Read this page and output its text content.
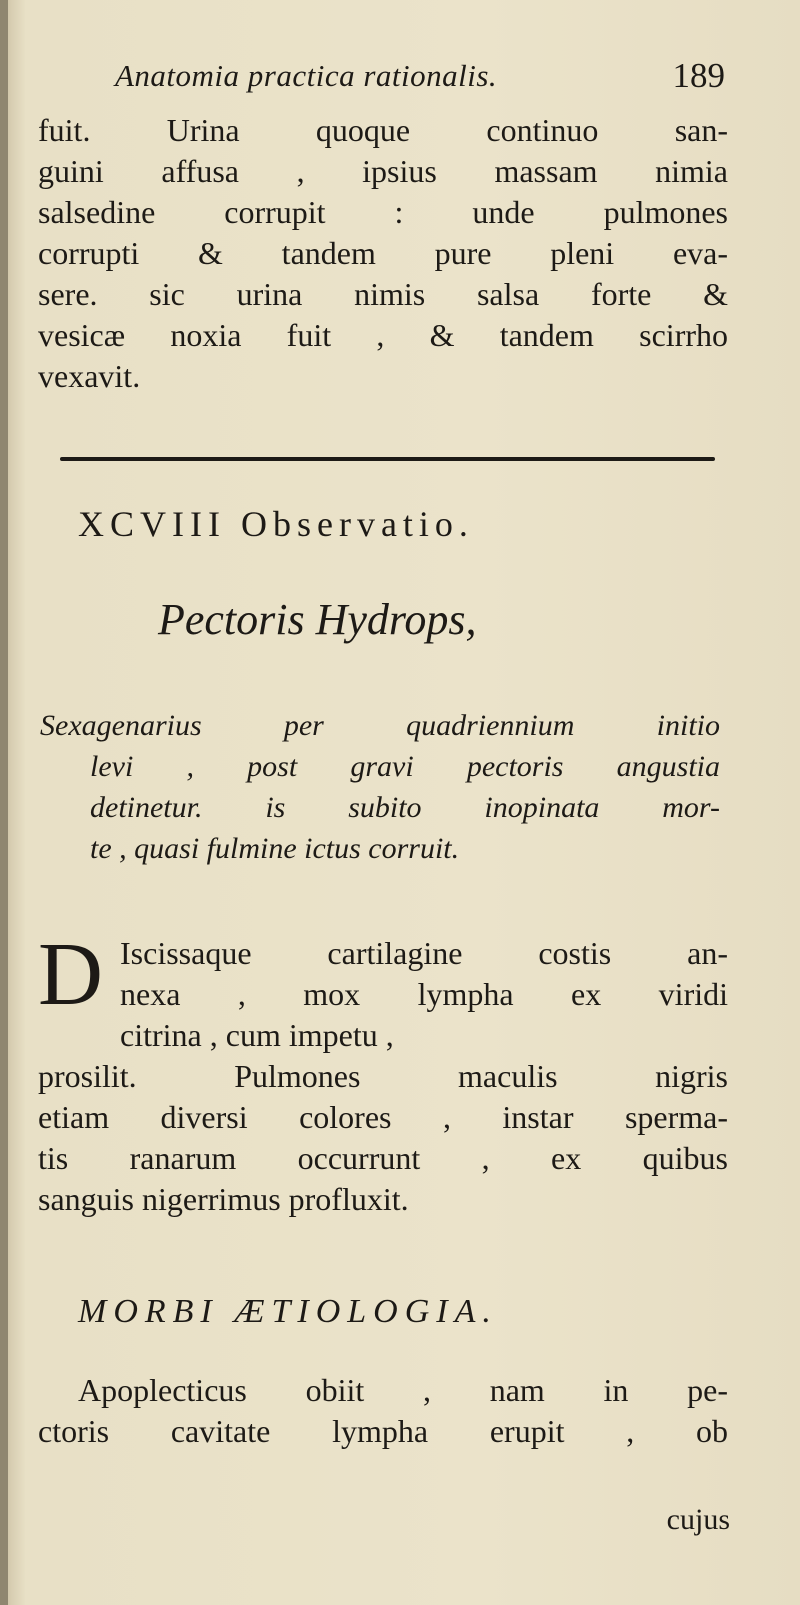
Anatomia practica rationalis.	189
fuit. Urina quoque continuo san-
guini affusa , ipsius massam nimia
salsedine corrupit : unde pulmones
corrupti & tandem pure pleni eva-
sere. sic urina nimis salsa forte &
vesicæ noxia fuit , & tandem scirrho
vexavit.
XCVIII Observatio.
Pectoris Hydrops,
Sexagenarius per quadriennium initio
levi , post gravi pectoris angustia
detinetur. is subito inopinata mor-
te , quasi fulmine ictus corruit.
D Iscissaque cartilagine costis an-
nexa , mox lympha ex viridi
citrina , cum impetu ,
prosilit. Pulmones maculis nigris
etiam diversi colores , instar sperma-
tis ranarum occurrunt , ex quibus
sanguis nigerrimus profluxit.
MORBI ÆTIOLOGIA.
Apoplecticus obiit , nam in pe-
ctoris cavitate lympha erupit , ob
cujus
